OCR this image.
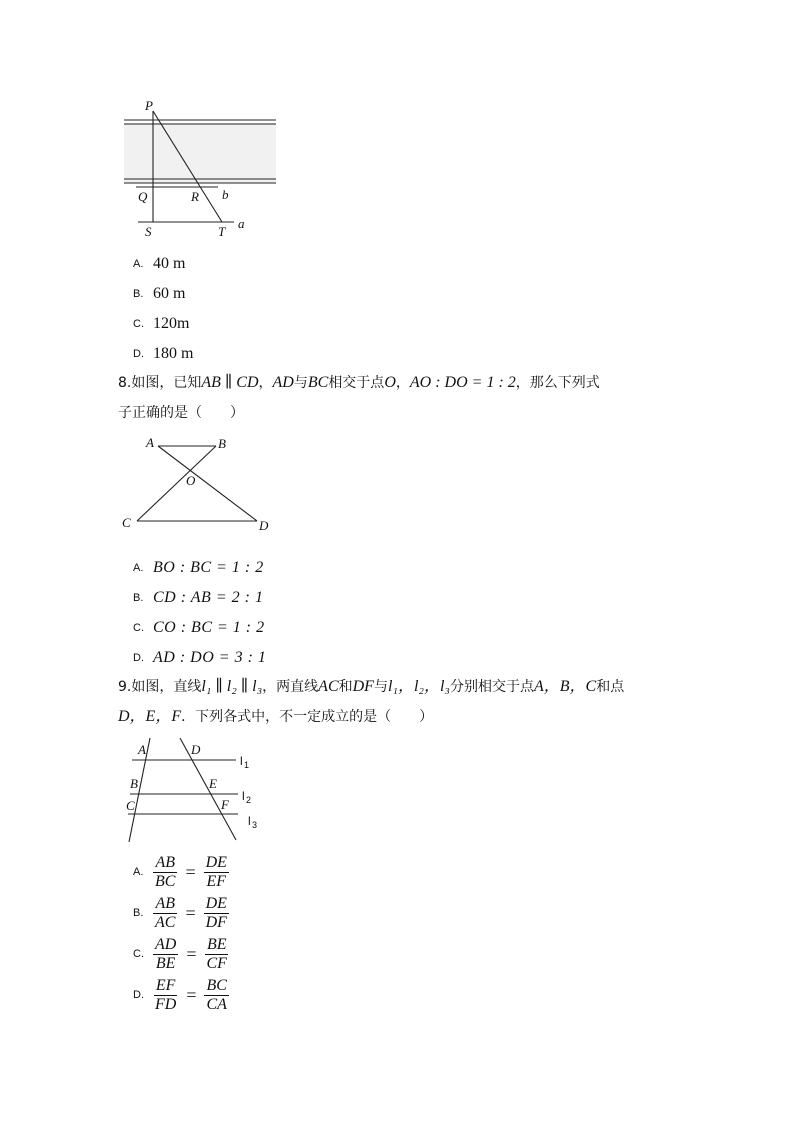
P
Q	R b
S	T
a
A. 40 m
B. 60 m
C. 120m
D. 180 m
8.如图，已知AB ∥ CD，AD与BC相交于点O，AO : DO = 1 : 2，那么下列式
子正确的是（　　）
A	B
O
C	D
A. BO : BC = 1 : 2
B. CD : AB = 2 : 1
C. CO : BC = 1 : 2
D. AD : DO = 3 : 1
9.如图，直线l₁ ∥ l₂ ∥ l₃，两直线AC和DF与l₁，l₂，l₃分别相交于点A，B，C和点
D，E，F．下列各式中，不一定成立的是（　　）
A	D
B	E
C	F
l 1
l 2
l 3
A. $\frac{AB}{BC} = \frac{DE}{EF}$
B. $\frac{AB}{AC} = \frac{DE}{DF}$
C. $\frac{AD}{BE} = \frac{BE}{CF}$
D. $\frac{EF}{FD} = \frac{BC}{CA}$
